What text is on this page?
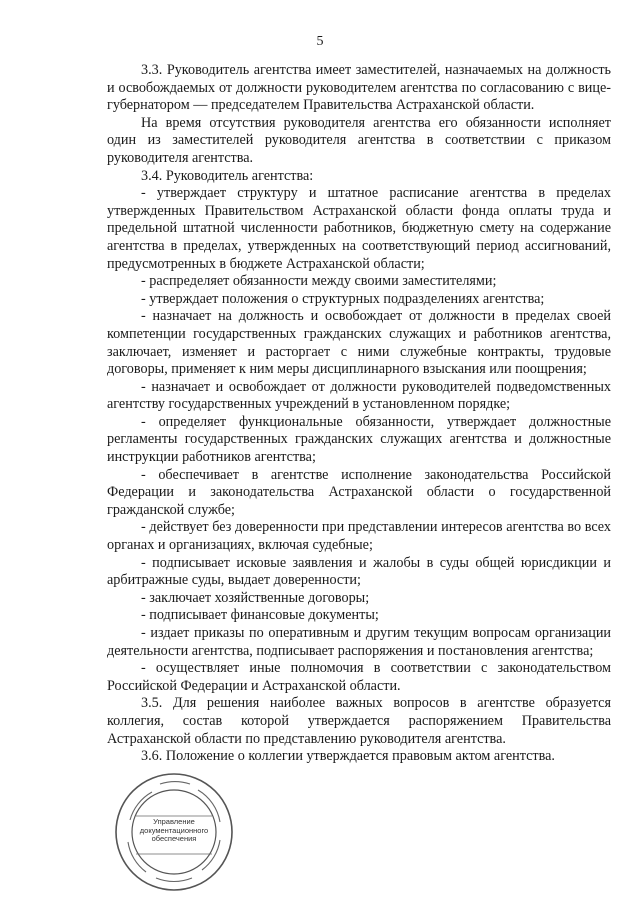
5

3.3. Руководитель агентства имеет заместителей, назначаемых на должность и освобождаемых от должности руководителем агентства по согласованию с вице-губернатором — председателем Правительства Астраханской области.

На время отсутствия руководителя агентства его обязанности исполняет один из заместителей руководителя агентства в соответствии с приказом руководителя агентства.

3.4. Руководитель агентства:

- утверждает структуру и штатное расписание агентства в пределах утвержденных Правительством Астраханской области фонда оплаты труда и предельной штатной численности работников, бюджетную смету на содержание агентства в пределах, утвержденных на соответствующий период ассигнований, предусмотренных в бюджете Астраханской области;

- распределяет обязанности между своими заместителями;

- утверждает положения о структурных подразделениях агентства;

- назначает на должность и освобождает от должности в пределах своей компетенции государственных гражданских служащих и работников агентства, заключает, изменяет и расторгает с ними служебные контракты, трудовые договоры, применяет к ним меры дисциплинарного взыскания или поощрения;

- назначает и освобождает от должности руководителей подведомственных агентству государственных учреждений в установленном порядке;

- определяет функциональные обязанности, утверждает должностные регламенты государственных гражданских служащих агентства и должностные инструкции работников агентства;

- обеспечивает в агентстве исполнение законодательства Российской Федерации и законодательства Астраханской области о государственной гражданской службе;

- действует без доверенности при представлении интересов агентства во всех органах и организациях, включая судебные;

- подписывает исковые заявления и жалобы в суды общей юрисдикции и арбитражные суды, выдает доверенности;

- заключает хозяйственные договоры;

- подписывает финансовые документы;

- издает приказы по оперативным и другим текущим вопросам организации деятельности агентства, подписывает распоряжения и постановления агентства;

- осуществляет иные полномочия в соответствии с законодательством Российской Федерации и Астраханской области.

3.5. Для решения наиболее важных вопросов в агентстве образуется коллегия, состав которой утверждается распоряжением Правительства Астраханской области по представлению руководителя агентства.

3.6. Положение о коллегии утверждается правовым актом агентства.

Управление
документационного
обеспечения
